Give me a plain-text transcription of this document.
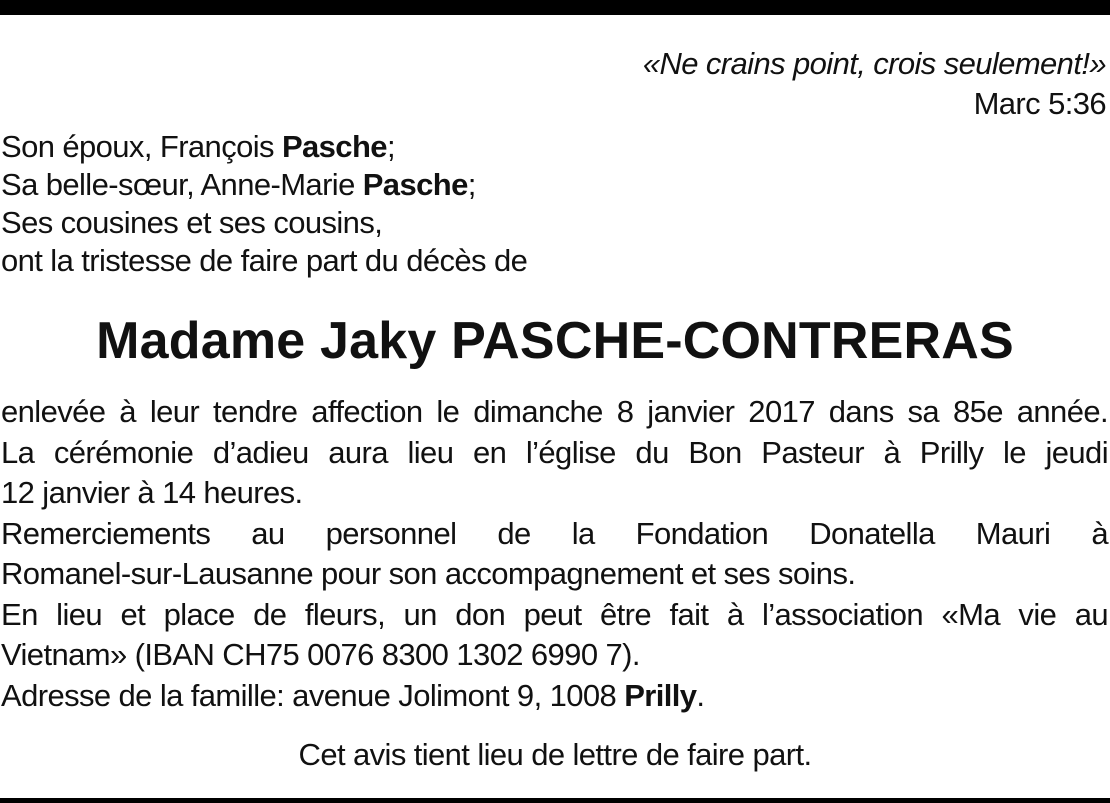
«Ne crains point, crois seulement!»
Marc 5:36
Son époux, François Pasche;
Sa belle-sœur, Anne-Marie Pasche;
Ses cousines et ses cousins,
ont la tristesse de faire part du décès de
Madame Jaky PASCHE-CONTRERAS
enlevée à leur tendre affection le dimanche 8 janvier 2017 dans sa 85e année.
La cérémonie d’adieu aura lieu en l’église du Bon Pasteur à Prilly le jeudi
12 janvier à 14 heures.
Remerciements au personnel de la Fondation Donatella Mauri à
Romanel-sur-Lausanne pour son accompagnement et ses soins.
En lieu et place de fleurs, un don peut être fait à l’association «Ma vie au
Vietnam» (IBAN CH75 0076 8300 1302 6990 7).
Adresse de la famille: avenue Jolimont 9, 1008 Prilly.
Cet avis tient lieu de lettre de faire part.
